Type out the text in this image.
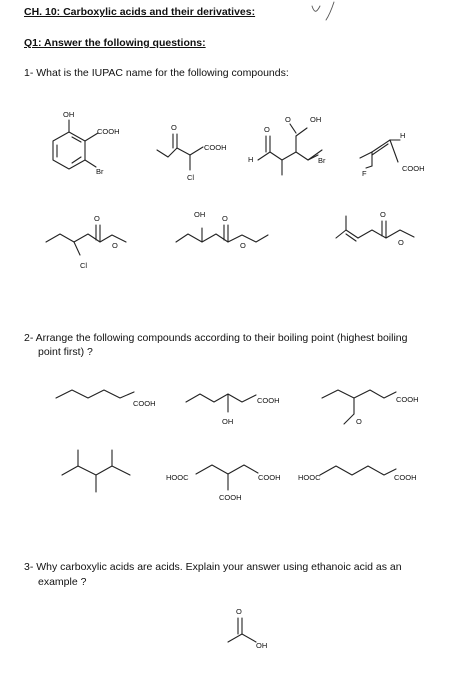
CH. 10: Carboxylic acids and their derivatives:
Q1: Answer the following questions:
1- What is the IUPAC name for the following compounds:
2- Arrange the following compounds according to their boiling point (highest boiling
point first) ?
3- Why carboxylic acids are acids. Explain your answer using ethanoic acid as an
example ?
OH
COOH
Br
O
COOH
Cl
O
O	OH
H	Br
H
F
COOH
O
O
Cl
OH O
O
O
O
COOH	COOH
OH
COOH
O
HOOC	COOH
COOH
HOOC	COOH
O
OH
